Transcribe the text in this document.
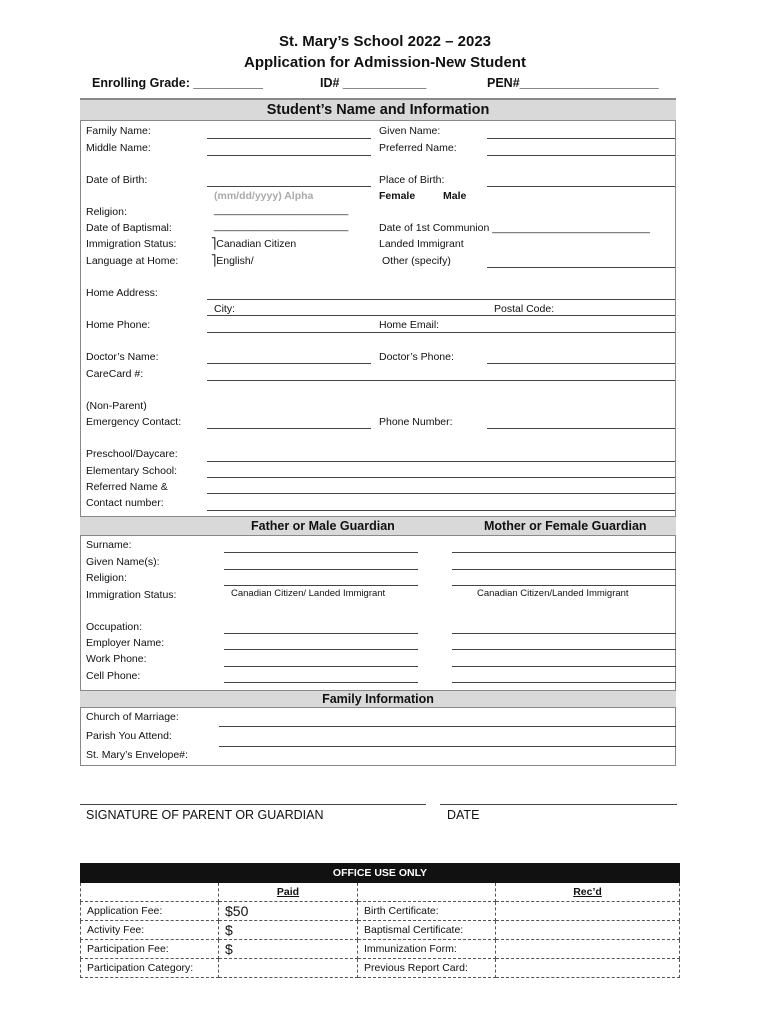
St. Mary’s School 2022 – 2023
Application for Admission-New Student
Enrolling Grade: __________	ID# ____________	PEN#____________________
Student’s Name and Information
Family Name:	Given Name:
Middle Name:	Preferred Name:
Date of Birth:
(mm/dd/yyyy) Alpha
Place of Birth:
Female	Male
Religion:	_______________________
Date of Baptismal:	_______________________	Date of 1st Communion ___________________________
Immigration Status:	⎤Canadian Citizen	Landed Immigrant
Language at Home:	⎤English/	Other (specify)
Home Address:
City:	Postal Code:
Home Phone:	Home Email:
Doctor’s Name:	Doctor’s Phone:
CareCard #:
(Non-Parent)
Emergency Contact:	Phone Number:
Preschool/Daycare:
Elementary School:
Referred Name &
Contact number:
Father or Male Guardian	Mother or Female Guardian
Surname:
Given Name(s):
Religion:
Immigration Status:	Canadian Citizen/ Landed Immigrant	Canadian Citizen/Landed Immigrant
Occupation:
Employer Name:
Work Phone:
Cell Phone:
Family Information
Church of Marriage:
Parish You Attend:
St. Mary’s Envelope#:
SIGNATURE OF PARENT OR GUARDIAN	DATE
OFFICE USE ONLY			
	Paid		Rec’d
Application Fee:	$50	Birth Certificate:	
Activity Fee:	$	Baptismal Certificate:	
Participation Fee:	$	Immunization Form:	
Participation Category:		Previous Report Card:	
